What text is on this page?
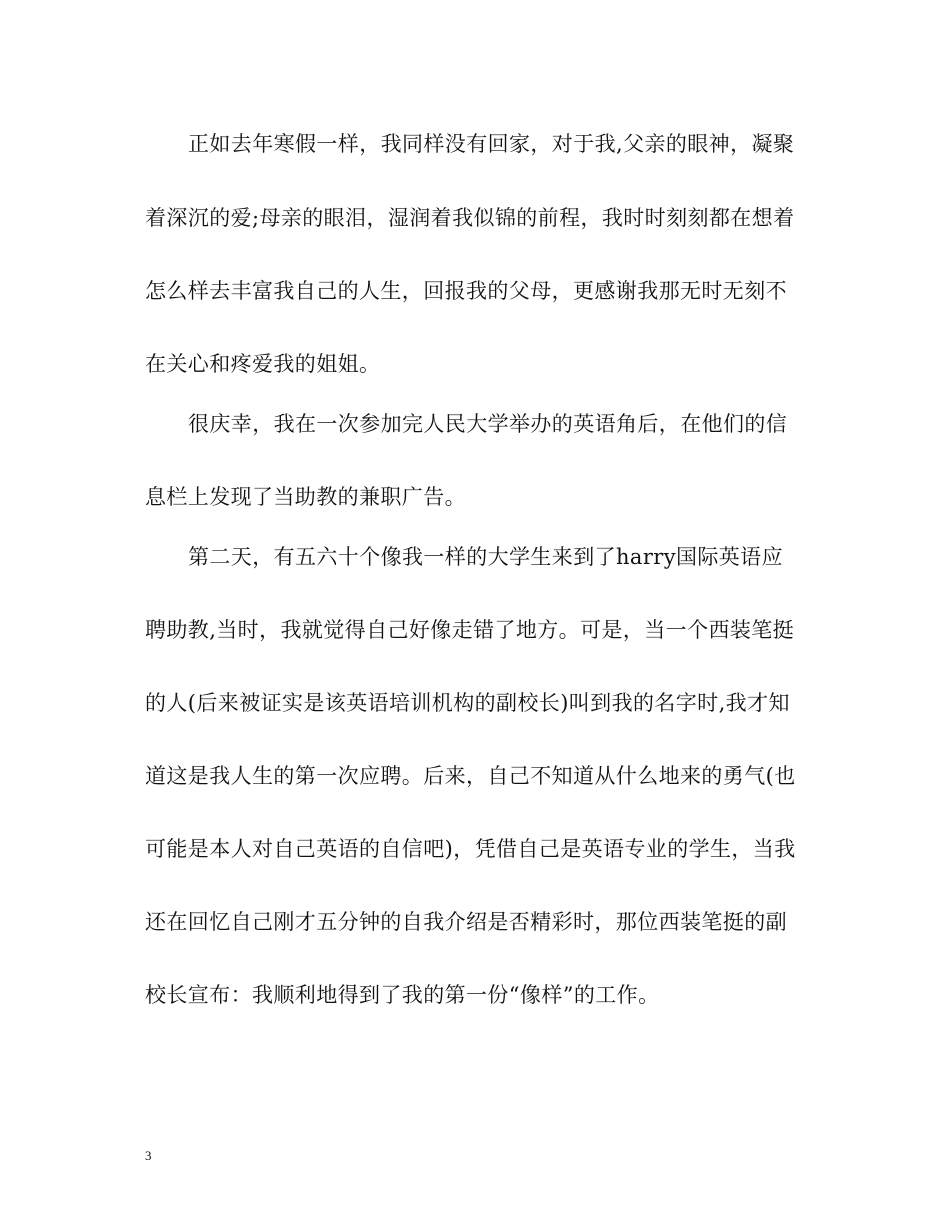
正如去年寒假一样，我同样没有回家，对于我,父亲的眼神，凝聚
着深沉的爱;母亲的眼泪，湿润着我似锦的前程，我时时刻刻都在想着
怎么样去丰富我自己的人生，回报我的父母，更感谢我那无时无刻不
在关心和疼爱我的姐姐。
很庆幸，我在一次参加完人民大学举办的英语角后，在他们的信
息栏上发现了当助教的兼职广告。
第二天，有五六十个像我一样的大学生来到了harry国际英语应
聘助教,当时，我就觉得自己好像走错了地方。可是，当一个西装笔挺
的人(后来被证实是该英语培训机构的副校长)叫到我的名字时,我才知
道这是我人生的第一次应聘。后来，自己不知道从什么地来的勇气(也
可能是本人对自己英语的自信吧)，凭借自己是英语专业的学生，当我
还在回忆自己刚才五分钟的自我介绍是否精彩时，那位西装笔挺的副
校长宣布：我顺利地得到了我的第一份“像样”的工作。
3
